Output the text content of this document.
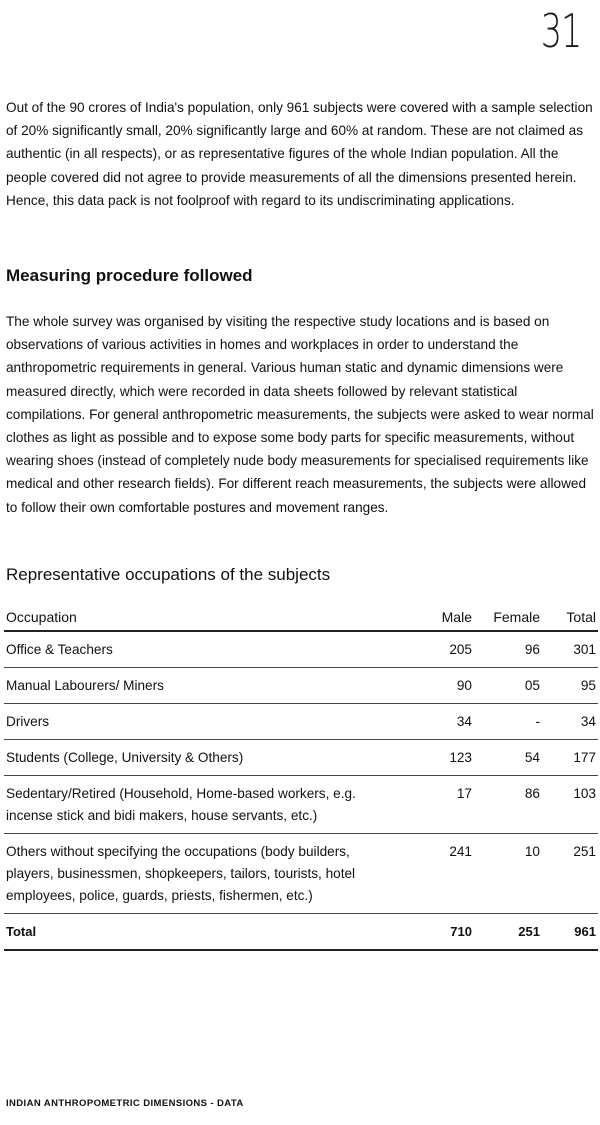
31

Out of the 90 crores of India's population, only 961 subjects were covered with a sample selection of 20% significantly small, 20% significantly large and 60% at random. These are not claimed as authentic (in all respects), or as representative figures of the whole Indian population. All the people covered did not agree to provide measurements of all the dimensions presented herein. Hence, this data pack is not foolproof with regard to its undiscriminating applications.

Measuring procedure followed

The whole survey was organised by visiting the respective study locations and is based on observations of various activities in homes and workplaces in order to understand the anthropometric requirements in general. Various human static and dynamic dimensions were measured directly, which were recorded in data sheets followed by relevant statistical compilations. For general anthropometric measurements, the subjects were asked to wear normal clothes as light as possible and to expose some body parts for specific measurements, without wearing shoes (instead of completely nude body measurements for specialised requirements like medical and other research fields). For different reach measurements, the subjects were allowed to follow their own comfortable postures and movement ranges.

Representative occupations of the subjects
Occupation	Male	Female	Total
Office & Teachers	205	96	301
Manual Labourers/ Miners	90	05	95
Drivers	34	-	34
Students (College, University & Others)	123	54	177
Sedentary/Retired (Household, Home-based workers, e.g. incense stick and bidi makers, house servants, etc.)	17	86	103
Others without specifying the occupations (body builders, players, businessmen, shopkeepers, tailors, tourists, hotel employees, police, guards, priests, fishermen, etc.)	241	10	251
Total	710	251	961
INDIAN ANTHROPOMETRIC DIMENSIONS - DATA
